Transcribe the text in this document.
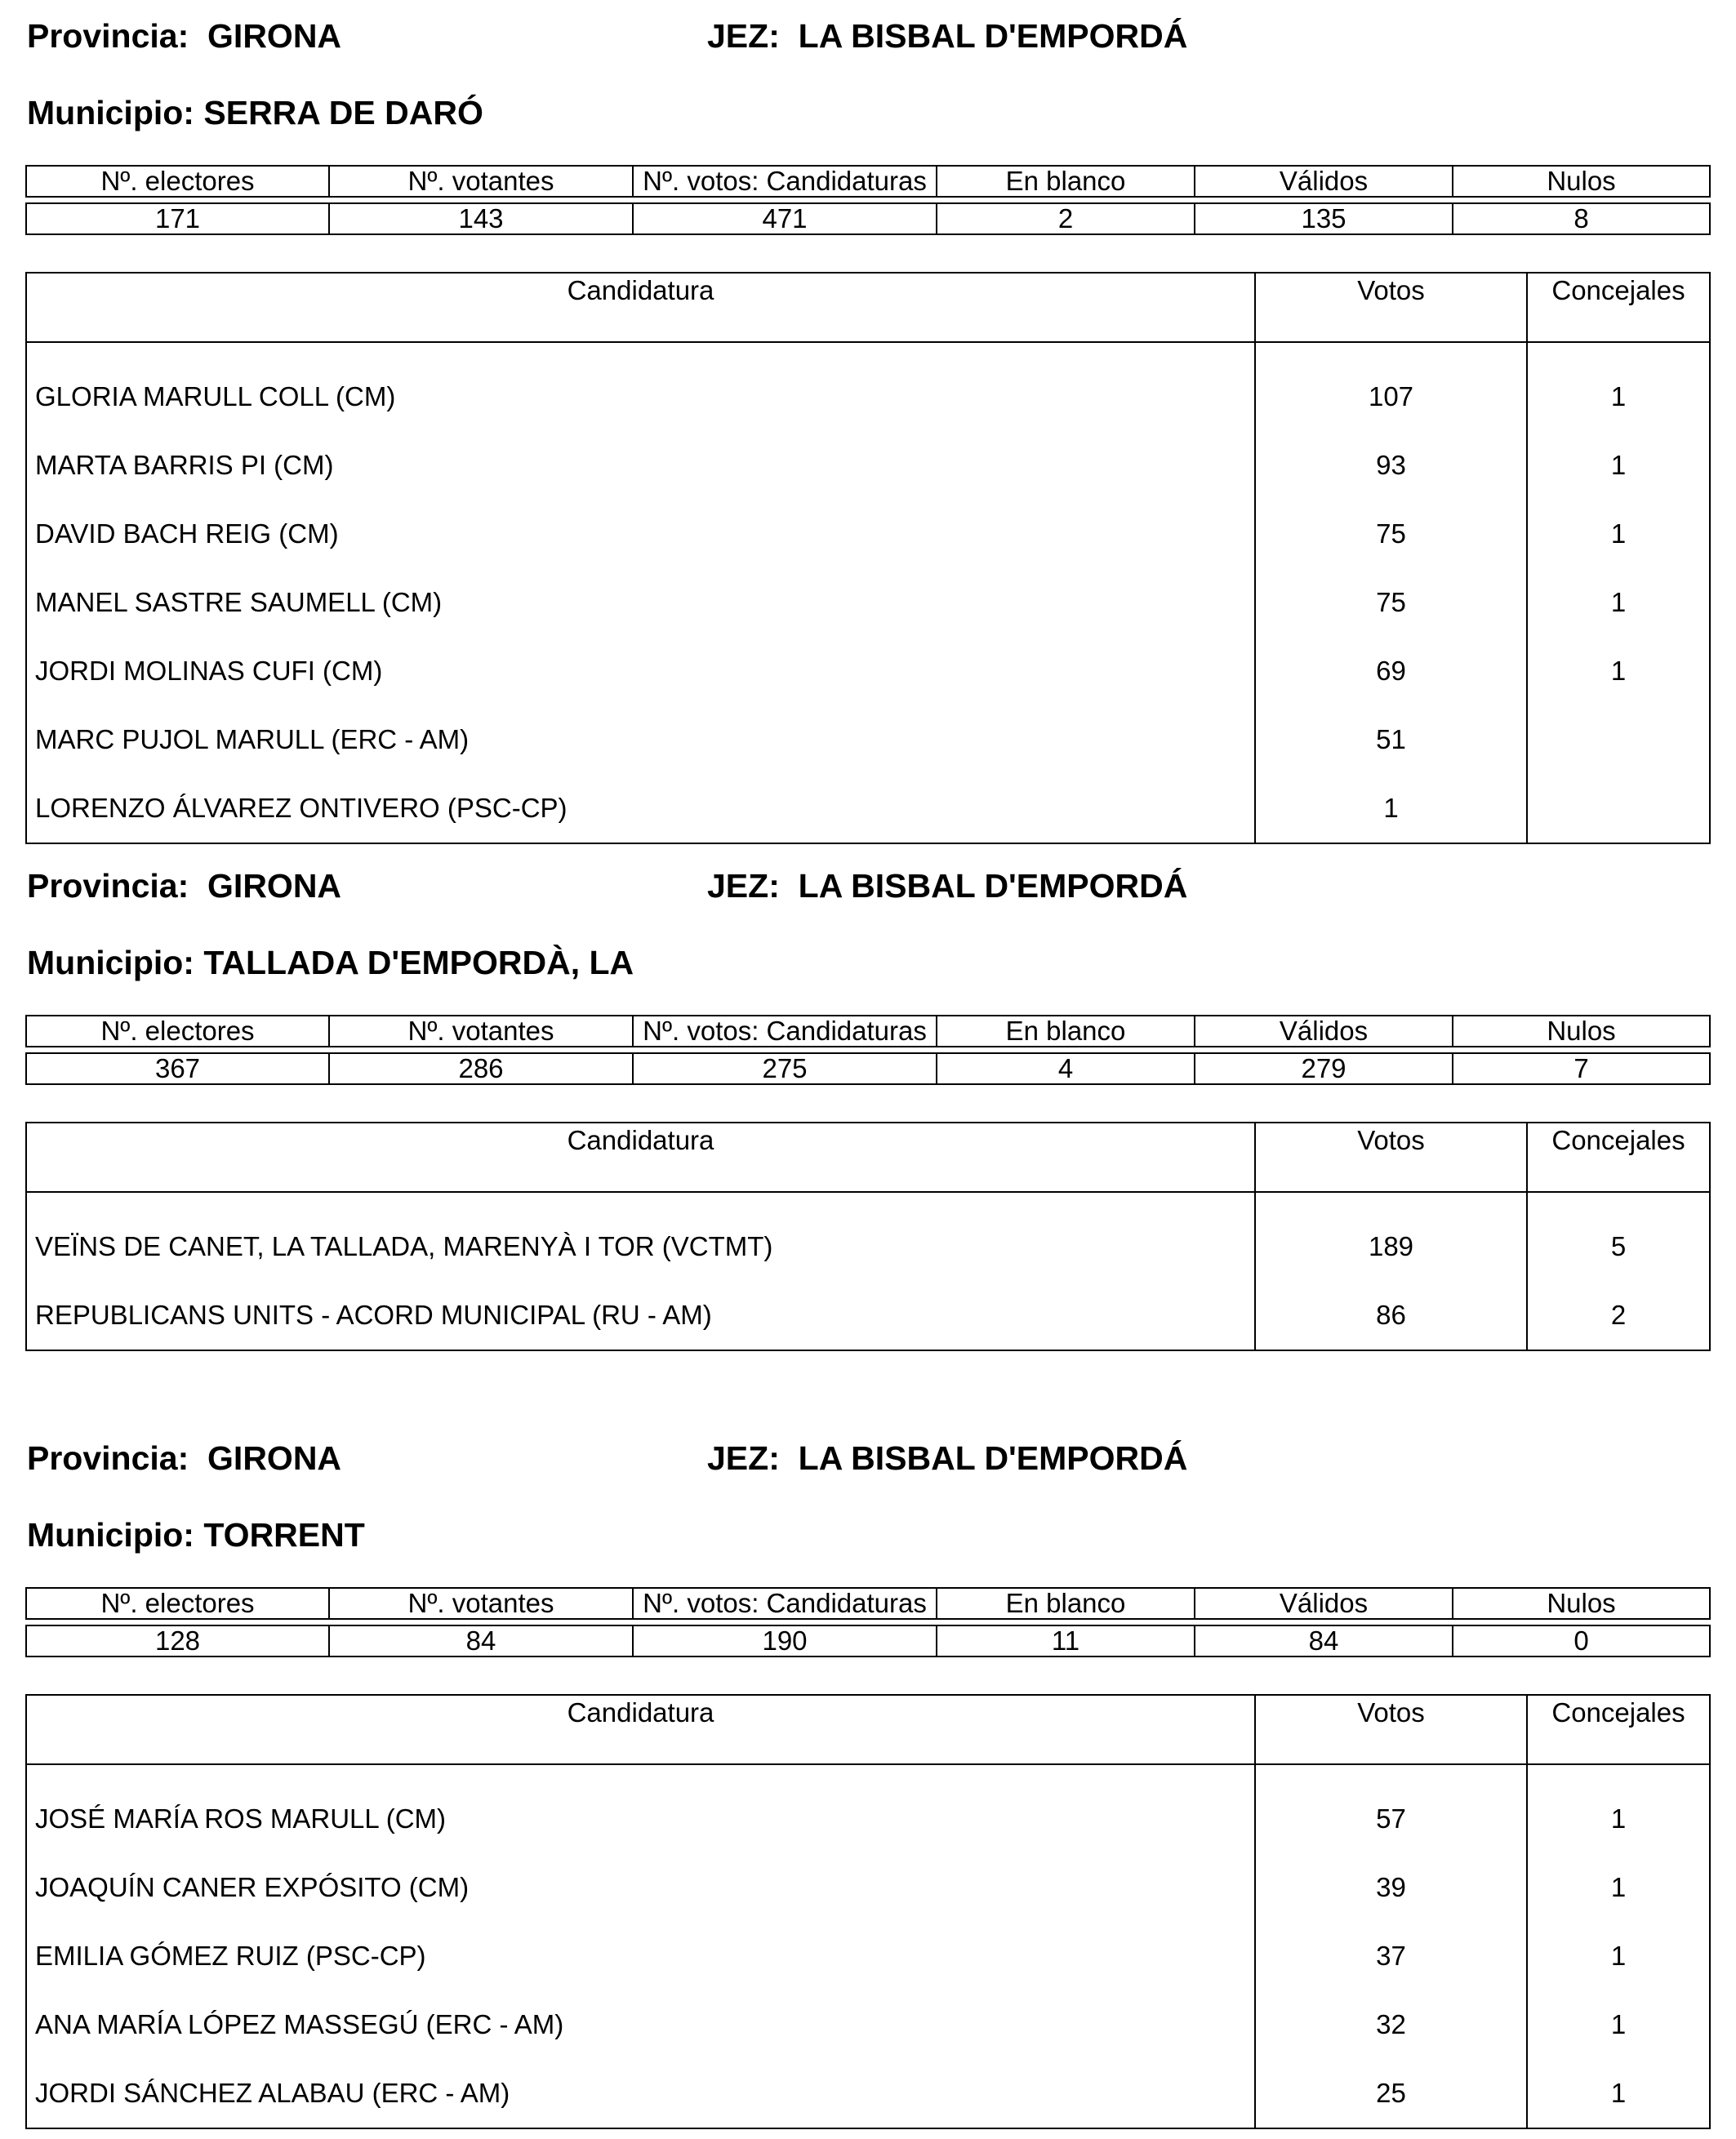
Provincia: GIRONA	JEZ: LA BISBAL D'EMPORDÁ
Municipio: SERRA DE DARÓ
Nº. electores	Nº. votantes	Nº. votos: Candidaturas	En blanco	Válidos	Nulos

171	143	471	2	135	8
Candidatura	Votos	Concejales

GLORIA MARULL COLL (CM)	107	1
MARTA BARRIS PI (CM)	93	1
DAVID BACH REIG (CM)	75	1
MANEL SASTRE SAUMELL (CM)	75	1
JORDI MOLINAS CUFI (CM)	69	1
MARC PUJOL MARULL (ERC - AM)	51	
LORENZO ÁLVAREZ ONTIVERO (PSC-CP)	1	
Provincia: GIRONA	JEZ: LA BISBAL D'EMPORDÁ
Municipio: TALLADA D'EMPORDÀ, LA
Nº. electores	Nº. votantes	Nº. votos: Candidaturas	En blanco	Válidos	Nulos

367	286	275	4	279	7
Candidatura	Votos	Concejales

VEÏNS DE CANET, LA TALLADA, MARENYÀ I TOR (VCTMT)	189	5
REPUBLICANS UNITS - ACORD MUNICIPAL (RU - AM)	86	2
Provincia: GIRONA	JEZ: LA BISBAL D'EMPORDÁ
Municipio: TORRENT
Nº. electores	Nº. votantes	Nº. votos: Candidaturas	En blanco	Válidos	Nulos

128	84	190	11	84	0
Candidatura	Votos	Concejales

JOSÉ MARÍA ROS MARULL (CM)	57	1
JOAQUÍN CANER EXPÓSITO (CM)	39	1
EMILIA GÓMEZ RUIZ (PSC-CP)	37	1
ANA MARÍA LÓPEZ MASSEGÚ (ERC - AM)	32	1
JORDI SÁNCHEZ ALABAU (ERC - AM)	25	1
